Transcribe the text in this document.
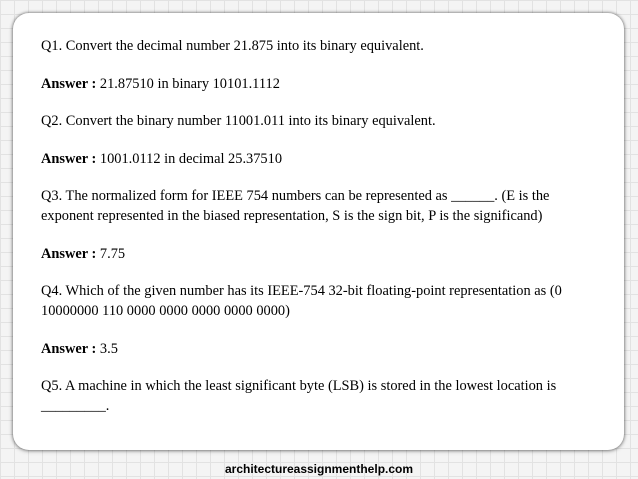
Q1. Convert the decimal number 21.875 into its binary equivalent.

Answer : 21.87510 in binary 10101.1112

Q2. Convert the binary number 11001.011 into its binary equivalent.

Answer : 1001.0112 in decimal 25.37510

Q3. The normalized form for IEEE 754 numbers can be represented as ______. (E is the exponent represented in the biased representation, S is the sign bit, P is the significand)

Answer : 7.75

Q4. Which of the given number has its IEEE-754 32-bit floating-point representation as (0 10000000 110 0000 0000 0000 0000 0000)

Answer : 3.5

Q5. A machine in which the least significant byte (LSB) is stored in the lowest location is _________.

architectureassignmenthelp.com
